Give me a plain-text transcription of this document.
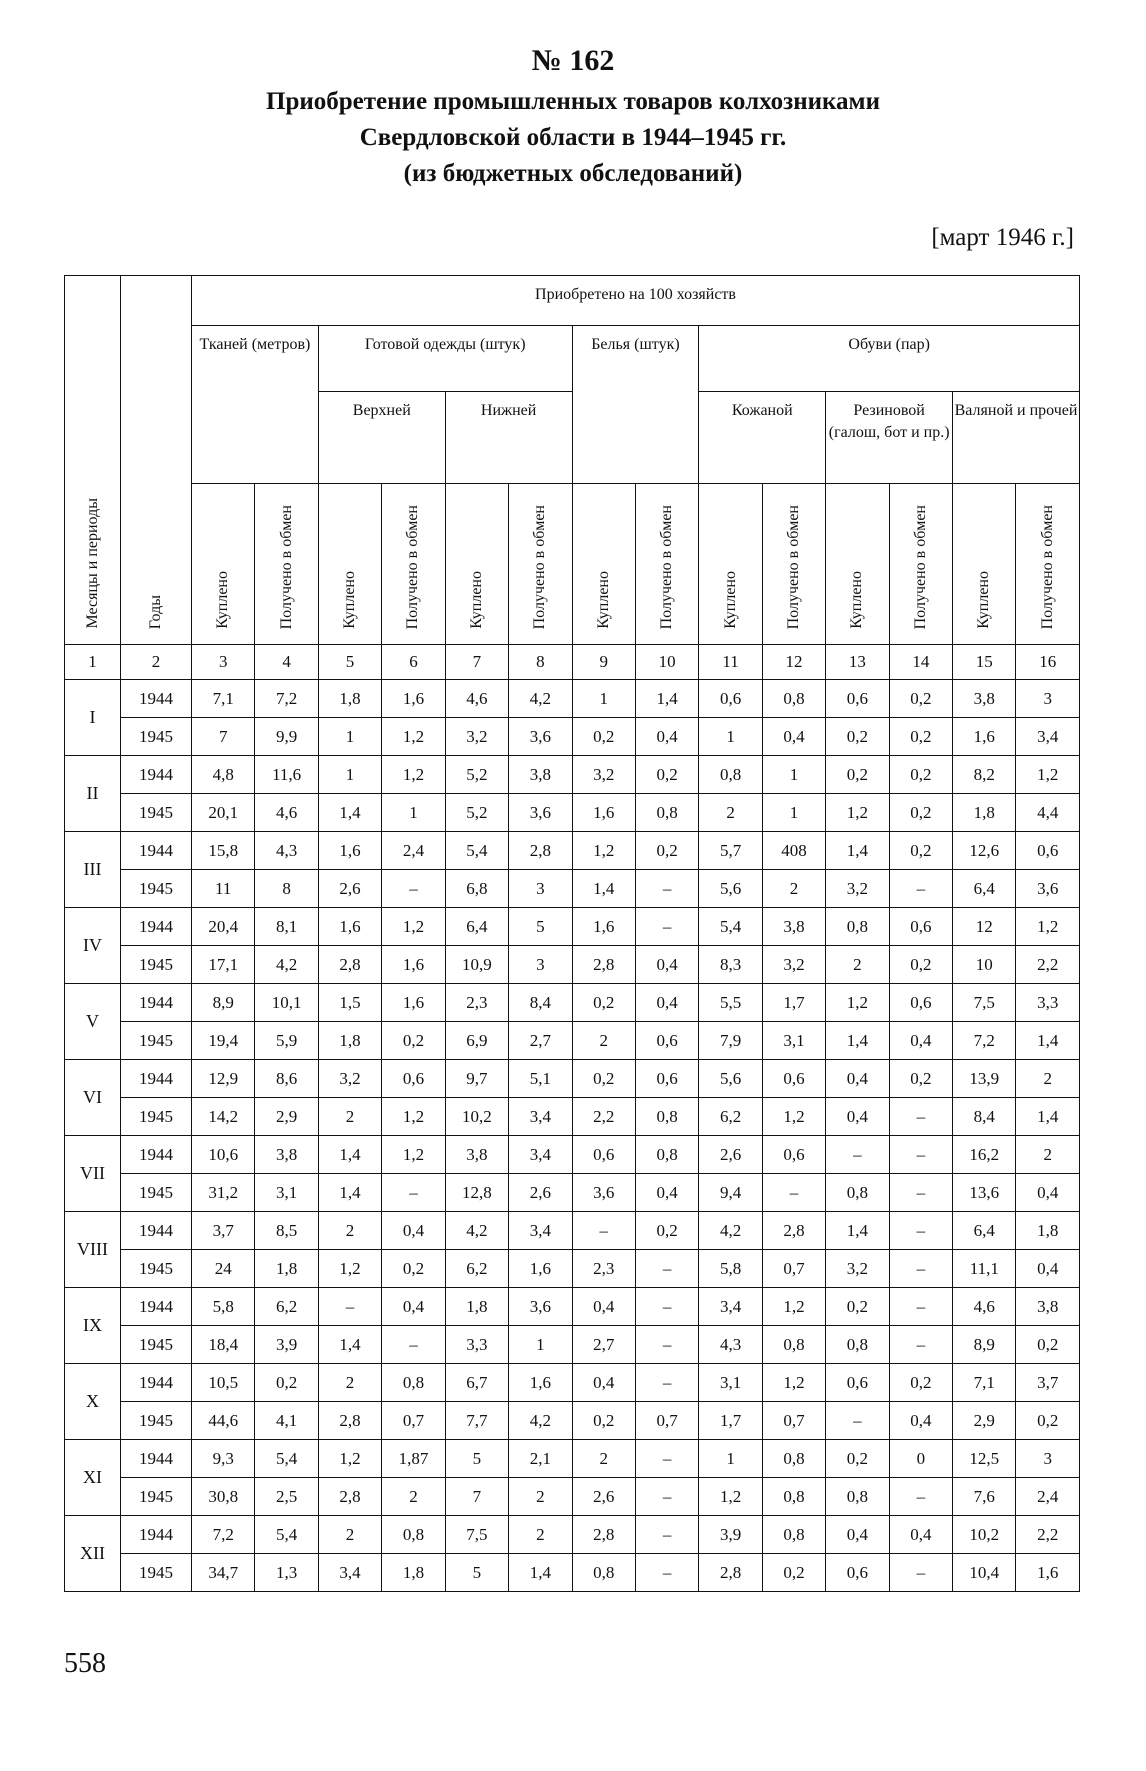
№ 162
Приобретение промышленных товаров колхозниками
Свердловской области в 1944–1945 гг.
(из бюджетных обследований)
[март 1946 г.]
Месяцы и периоды	Годы	Приобретено на 100 хозяйств													
		Тканей (метров)		Готовой одежды (штук)				Белья (штук)		Обуви (пар)					
				Верхней		Нижней				Кожаной		Резиновой (галош, бот и пр.)		Валяной и прочей	
		Куплено	Получено в обмен	Куплено	Получено в обмен	Куплено	Получено в обмен	Куплено	Получено в обмен	Куплено	Получено в обмен	Куплено	Получено в обмен	Куплено	Получено в обмен
1	2	3	4	5	6	7	8	9	10	11	12	13	14	15	16
I	1944	7,1	7,2	1,8	1,6	4,6	4,2	1	1,4	0,6	0,8	0,6	0,2	3,8	3
	1945	7	9,9	1	1,2	3,2	3,6	0,2	0,4	1	0,4	0,2	0,2	1,6	3,4
II	1944	4,8	11,6	1	1,2	5,2	3,8	3,2	0,2	0,8	1	0,2	0,2	8,2	1,2
	1945	20,1	4,6	1,4	1	5,2	3,6	1,6	0,8	2	1	1,2	0,2	1,8	4,4
III	1944	15,8	4,3	1,6	2,4	5,4	2,8	1,2	0,2	5,7	408	1,4	0,2	12,6	0,6
	1945	11	8	2,6	–	6,8	3	1,4	–	5,6	2	3,2	–	6,4	3,6
IV	1944	20,4	8,1	1,6	1,2	6,4	5	1,6	–	5,4	3,8	0,8	0,6	12	1,2
	1945	17,1	4,2	2,8	1,6	10,9	3	2,8	0,4	8,3	3,2	2	0,2	10	2,2
V	1944	8,9	10,1	1,5	1,6	2,3	8,4	0,2	0,4	5,5	1,7	1,2	0,6	7,5	3,3
	1945	19,4	5,9	1,8	0,2	6,9	2,7	2	0,6	7,9	3,1	1,4	0,4	7,2	1,4
VI	1944	12,9	8,6	3,2	0,6	9,7	5,1	0,2	0,6	5,6	0,6	0,4	0,2	13,9	2
	1945	14,2	2,9	2	1,2	10,2	3,4	2,2	0,8	6,2	1,2	0,4	–	8,4	1,4
VII	1944	10,6	3,8	1,4	1,2	3,8	3,4	0,6	0,8	2,6	0,6	–	–	16,2	2
	1945	31,2	3,1	1,4	–	12,8	2,6	3,6	0,4	9,4	–	0,8	–	13,6	0,4
VIII	1944	3,7	8,5	2	0,4	4,2	3,4	–	0,2	4,2	2,8	1,4	–	6,4	1,8
	1945	24	1,8	1,2	0,2	6,2	1,6	2,3	–	5,8	0,7	3,2	–	11,1	0,4
IX	1944	5,8	6,2	–	0,4	1,8	3,6	0,4	–	3,4	1,2	0,2	–	4,6	3,8
	1945	18,4	3,9	1,4	–	3,3	1	2,7	–	4,3	0,8	0,8	–	8,9	0,2
X	1944	10,5	0,2	2	0,8	6,7	1,6	0,4	–	3,1	1,2	0,6	0,2	7,1	3,7
	1945	44,6	4,1	2,8	0,7	7,7	4,2	0,2	0,7	1,7	0,7	–	0,4	2,9	0,2
XI	1944	9,3	5,4	1,2	1,87	5	2,1	2	–	1	0,8	0,2	0	12,5	3
	1945	30,8	2,5	2,8	2	7	2	2,6	–	1,2	0,8	0,8	–	7,6	2,4
XII	1944	7,2	5,4	2	0,8	7,5	2	2,8	–	3,9	0,8	0,4	0,4	10,2	2,2
	1945	34,7	1,3	3,4	1,8	5	1,4	0,8	–	2,8	0,2	0,6	–	10,4	1,6
558
